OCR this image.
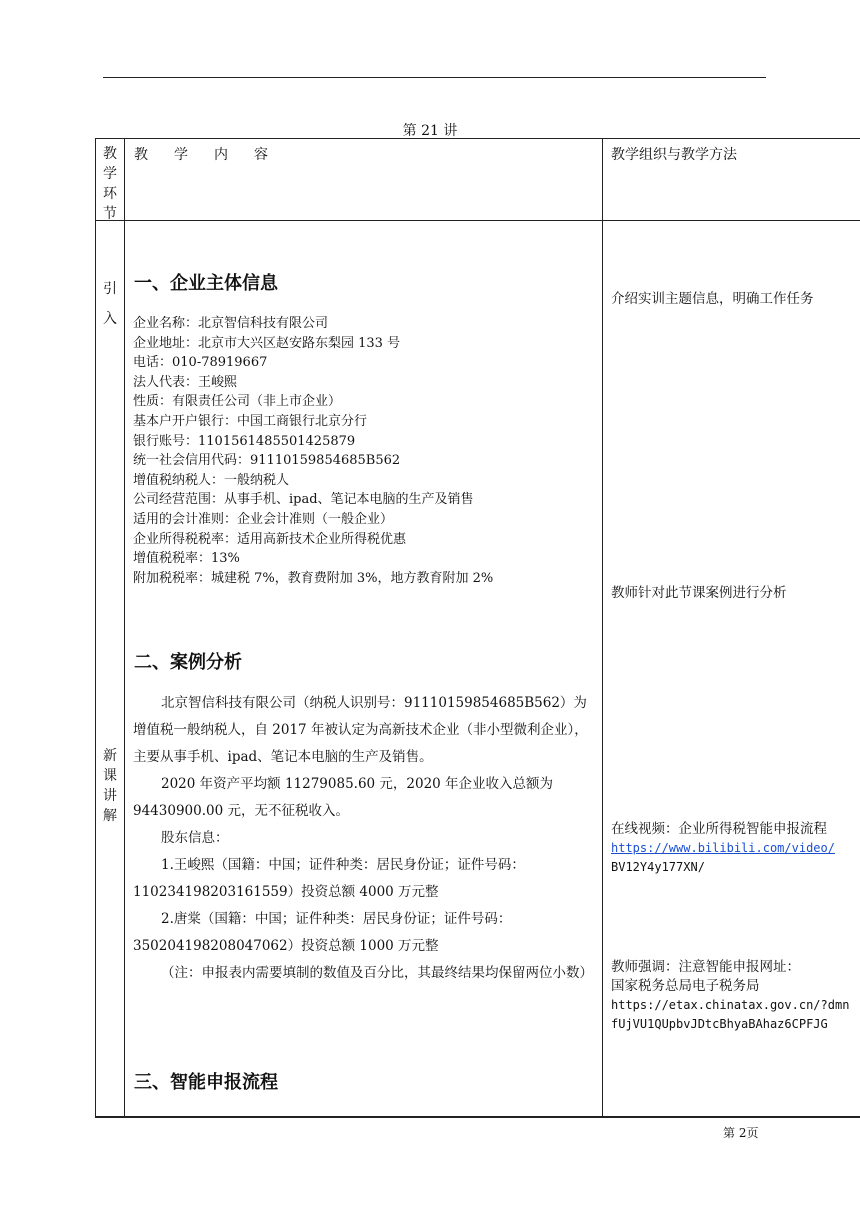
第 21 讲
教
学
环
节
教　学　内　容	教学组织与教学方法
引
入
新
课
讲
解
一、企业主体信息
企业名称：北京智信科技有限公司
企业地址：北京市大兴区赵安路东梨园 133 号
电话：010-78919667
法人代表：王峻熙
性质：有限责任公司（非上市企业）
基本户开户银行：中国工商银行北京分行
银行账号：1101561485501425879
统一社会信用代码：91110159854685B562
增值税纳税人：一般纳税人
公司经营范围：从事手机、ipad、笔记本电脑的生产及销售
适用的会计准则：企业会计准则（一般企业）
企业所得税税率：适用高新技术企业所得税优惠
增值税税率：13%
附加税税率：城建税 7%，教育费附加 3%，地方教育附加 2%
二、案例分析

北京智信科技有限公司（纳税人识别号：91110159854685B562）为增值税一般纳税人，自 2017 年被认定为高新技术企业（非小型微利企业），主要从事手机、ipad、笔记本电脑的生产及销售。

2020 年资产平均额 11279085.60 元，2020 年企业收入总额为 94430900.00 元，无不征税收入。

股东信息：

1.王峻熙（国籍：中国；证件种类：居民身份证；证件号码：110234198203161559）投资总额 4000 万元整

2.唐棠（国籍：中国；证件种类：居民身份证；证件号码：350204198208047062）投资总额 1000 万元整

（注：申报表内需要填制的数值及百分比，其最终结果均保留两位小数）

三、智能申报流程
介绍实训主题信息，明确工作任务
教师针对此节课案例进行分析
在线视频：企业所得税智能申报流程
https://www.bilibili.com/video/
BV12Y4y177XN/
教师强调：注意智能申报网址：
国家税务总局电子税务局
https://etax.chinatax.gov.cn/?dmn
fUjVU1QUpbvJDtcBhyaBAhaz6CPFJG
第 2页
